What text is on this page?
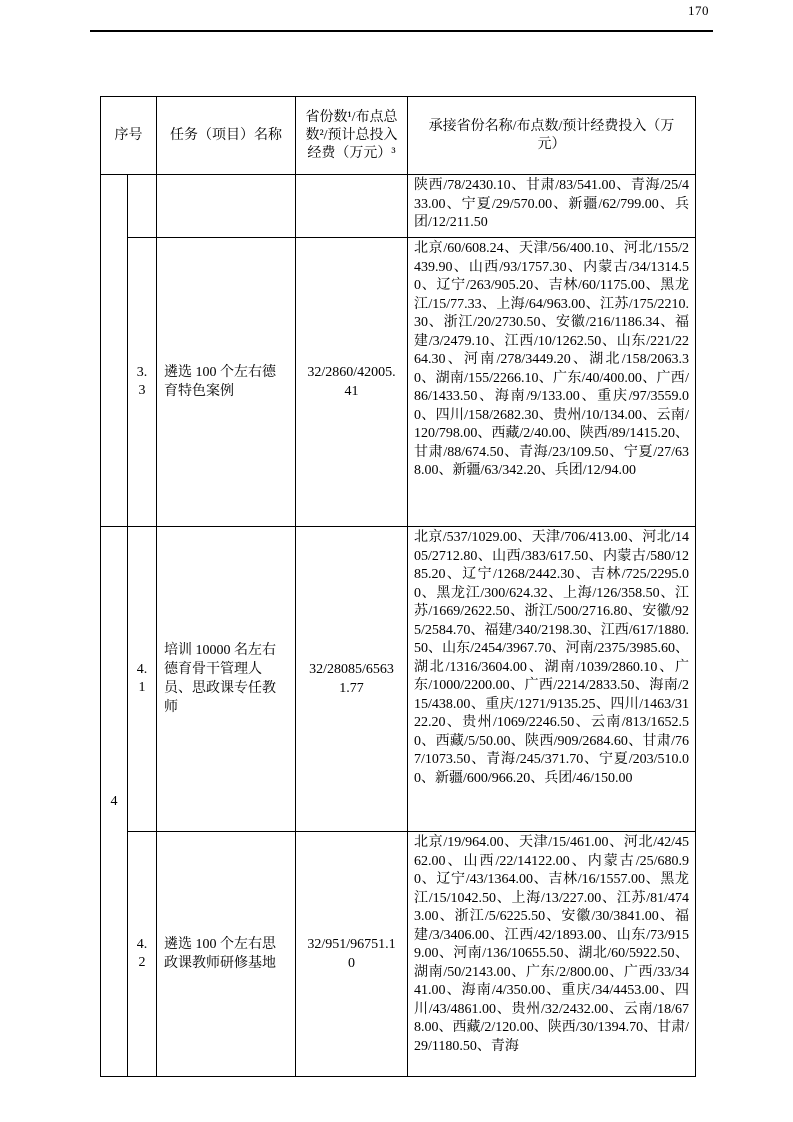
170
序号		任务（项目）名称	省份数¹/布点总数²/预计总投入经费（万元）³	承接省份名称/布点数/预计经费投入（万元）
				陕西/78/2430.10、甘肃/83/541.00、青海/25/433.00、宁夏/29/570.00、新疆/62/799.00、兵团/12/211.50
	3.3	遴选 100 个左右德育特色案例	32/2860/42005.41	北京/60/608.24、天津/56/400.10、河北/155/2439.90、山西/93/1757.30、内蒙古/34/1314.50、辽宁/263/905.20、吉林/60/1175.00、黑龙江/15/77.33、上海/64/963.00、江苏/175/2210.30、浙江/20/2730.50、安徽/216/1186.34、福建/3/2479.10、江西/10/1262.50、山东/221/2264.30、河南/278/3449.20、湖北/158/2063.30、湖南/155/2266.10、广东/40/400.00、广西/86/1433.50、海南/9/133.00、重庆/97/3559.00、四川/158/2682.30、贵州/10/134.00、云南/120/798.00、西藏/2/40.00、陕西/89/1415.20、甘肃/88/674.50、青海/23/109.50、宁夏/27/638.00、新疆/63/342.20、兵团/12/94.00
4	4.1	培训 10000 名左右德育骨干管理人员、思政课专任教师	32/28085/65631.77	北京/537/1029.00、天津/706/413.00、河北/1405/2712.80、山西/383/617.50、内蒙古/580/1285.20、辽宁/1268/2442.30、吉林/725/2295.00、黑龙江/300/624.32、上海/126/358.50、江苏/1669/2622.50、浙江/500/2716.80、安徽/925/2584.70、福建/340/2198.30、江西/617/1880.50、山东/2454/3967.70、河南/2375/3985.60、湖北/1316/3604.00、湖南/1039/2860.10、广东/1000/2200.00、广西/2214/2833.50、海南/215/438.00、重庆/1271/9135.25、四川/1463/3122.20、贵州/1069/2246.50、云南/813/1652.50、西藏/5/50.00、陕西/909/2684.60、甘肃/767/1073.50、青海/245/371.70、宁夏/203/510.00、新疆/600/966.20、兵团/46/150.00
	4.2	遴选 100 个左右思政课教师研修基地	32/951/96751.10	北京/19/964.00、天津/15/461.00、河北/42/4562.00、山西/22/14122.00、内蒙古/25/680.90、辽宁/43/1364.00、吉林/16/1557.00、黑龙江/15/1042.50、上海/13/227.00、江苏/81/4743.00、浙江/5/6225.50、安徽/30/3841.00、福建/3/3406.00、江西/42/1893.00、山东/73/9159.00、河南/136/10655.50、湖北/60/5922.50、湖南/50/2143.00、广东/2/800.00、广西/33/3441.00、海南/4/350.00、重庆/34/4453.00、四川/43/4861.00、贵州/32/2432.00、云南/18/678.00、西藏/2/120.00、陕西/30/1394.70、甘肃/29/1180.50、青海
